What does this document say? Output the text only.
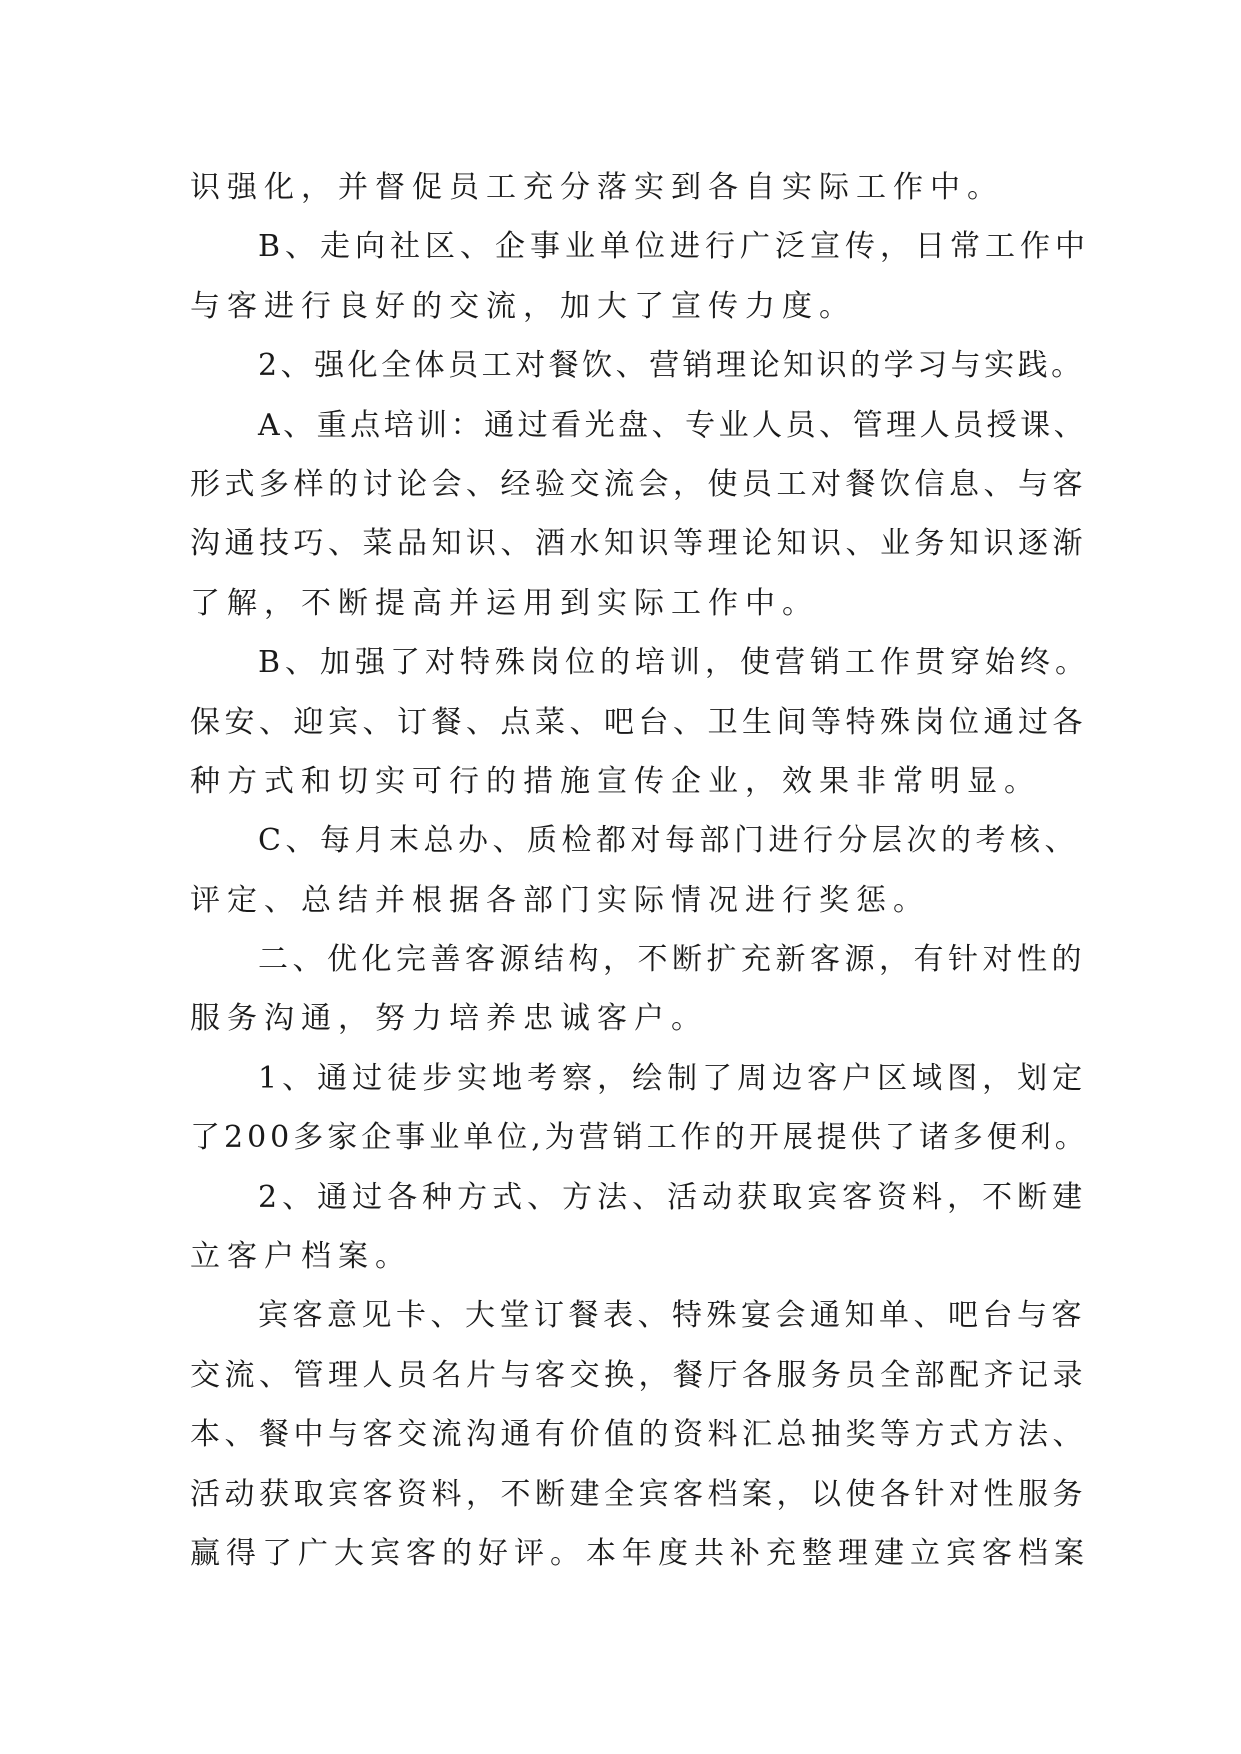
识强化，并督促员工充分落实到各自实际工作中。
B、走向社区、企事业单位进行广泛宣传，日常工作中
与客进行良好的交流，加大了宣传力度。
2、强化全体员工对餐饮、营销理论知识的学习与实践。
A、重点培训：通过看光盘、专业人员、管理人员授课、
形式多样的讨论会、经验交流会，使员工对餐饮信息、与客
沟通技巧、菜品知识、酒水知识等理论知识、业务知识逐渐
了解，不断提高并运用到实际工作中。
B、加强了对特殊岗位的培训，使营销工作贯穿始终。
保安、迎宾、订餐、点菜、吧台、卫生间等特殊岗位通过各
种方式和切实可行的措施宣传企业，效果非常明显。
C、每月末总办、质检都对每部门进行分层次的考核、
评定、总结并根据各部门实际情况进行奖惩。
二、优化完善客源结构，不断扩充新客源，有针对性的
服务沟通，努力培养忠诚客户。
1、通过徒步实地考察，绘制了周边客户区域图，划定
了200多家企事业单位,为营销工作的开展提供了诸多便利。
2、通过各种方式、方法、活动获取宾客资料，不断建
立客户档案。
宾客意见卡、大堂订餐表、特殊宴会通知单、吧台与客
交流、管理人员名片与客交换，餐厅各服务员全部配齐记录
本、餐中与客交流沟通有价值的资料汇总抽奖等方式方法、
活动获取宾客资料，不断建全宾客档案，以使各针对性服务
赢得了广大宾客的好评。本年度共补充整理建立宾客档案
